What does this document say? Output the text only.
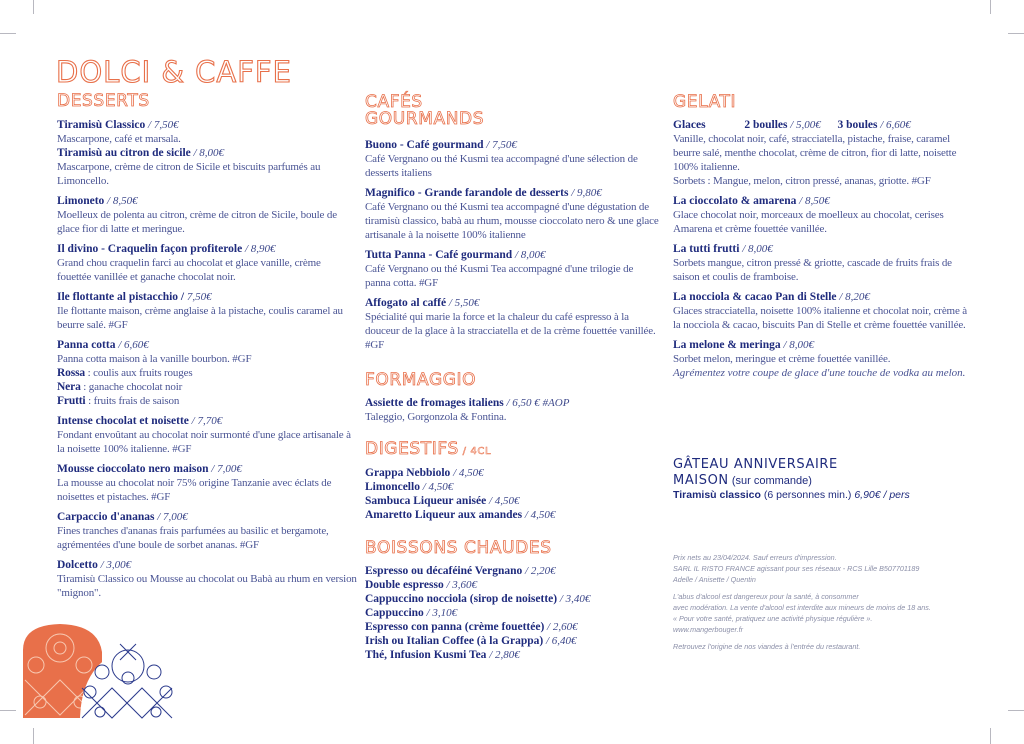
DOLCI & CAFFE
DESSERTS
Tiramisù Classico / 7,50€
Mascarpone, café et marsala.
Tiramisù au citron de sicile / 8,00€
Mascarpone, crème de citron de Sicile et biscuits parfumés au Limoncello.
Limoneto / 8,50€
Moelleux de polenta au citron, crème de citron de Sicile, boule de glace fior di latte et meringue.
Il divino - Craquelin façon profiterole / 8,90€
Grand chou craquelin farci au chocolat et glace vanille, crème fouettée vanillée et ganache chocolat noir.
Ile flottante al pistacchio / 7,50€
Ile flottante maison, crème anglaise à la pistache, coulis caramel au beurre salé. #GF
Panna cotta / 6,60€
Panna cotta maison à la vanille bourbon. #GF
Rossa : coulis aux fruits rouges
Nera : ganache chocolat noir
Frutti : fruits frais de saison
Intense chocolat et noisette / 7,70€
Fondant envoûtant au chocolat noir surmonté d'une glace artisanale à la noisette 100% italienne. #GF
Mousse cioccolato nero maison / 7,00€
La mousse au chocolat noir 75% origine Tanzanie avec éclats de noisettes et pistaches. #GF
Carpaccio d'ananas / 7,00€
Fines tranches d'ananas frais parfumées au basilic et bergamote, agrémentées d'une boule de sorbet ananas. #GF
Dolcetto / 3,00€
Tiramisù Classico ou Mousse au chocolat ou Babà au rhum en version "mignon".
CAFÉS
GOURMANDS
Buono - Café gourmand / 7,50€
Café Vergnano ou thé Kusmi tea accompagné d'une sélection de desserts italiens
Magnifico - Grande farandole de desserts / 9,80€
Café Vergnano ou thé Kusmi tea accompagné d'une dégustation de tiramisù classico, babà au rhum, mousse cioccolato nero & une glace artisanale à la noisette 100% italienne
Tutta Panna - Café gourmand / 8,00€
Café Vergnano ou thé Kusmi Tea accompagné d'une trilogie de panna cotta. #GF
Affogato al caffé / 5,50€
Spécialité qui marie la force et la chaleur du café espresso à la douceur de la glace à la stracciatella et de la crème fouettée vanillée. #GF
FORMAGGIO
Assiette de fromages italiens / 6,50 € #AOP
Taleggio, Gorgonzola & Fontina.
DIGESTIFS / 4CL
Grappa Nebbiolo / 4,50€
Limoncello / 4,50€
Sambuca Liqueur anisée / 4,50€
Amaretto Liqueur aux amandes / 4,50€
BOISSONS CHAUDES
Espresso ou décaféiné Vergnano / 2,20€
Double espresso / 3,60€
Cappuccino nocciola (sirop de noisette) / 3,40€
Cappuccino / 3,10€
Espresso con panna (crème fouettée) / 2,60€
Irish ou Italian Coffee (à la Grappa) / 6,40€
Thé, Infusion Kusmi Tea / 2,80€
GELATI
Glaces	2 boulles / 5,00€ 3 boules / 6,60€
Vanille, chocolat noir, café, stracciatella, pistache, fraise, caramel beurre salé, menthe chocolat, crème de citron, fior di latte, noisette 100% italienne.
Sorbets : Mangue, melon, citron pressé, ananas, griotte. #GF
La cioccolato & amarena / 8,50€
Glace chocolat noir, morceaux de moelleux au chocolat, cerises Amarena et crème fouettée vanillée.
La tutti frutti / 8,00€
Sorbets mangue, citron pressé & griotte, cascade de fruits frais de saison et coulis de framboise.
La nocciola & cacao Pan di Stelle / 8,20€
Glaces stracciatella, noisette 100% italienne et chocolat noir, crème à la nocciola & cacao, biscuits Pan di Stelle et crème fouettée vanillée.
La melone & meringa / 8,00€
Sorbet melon, meringue et crème fouettée vanillée.
Agrémentez votre coupe de glace d'une touche de vodka au melon.
GÂTEAU ANNIVERSAIRE
MAISON (sur commande)
Tiramisù classico (6 personnes min.) 6,90€ / pers

Prix nets au 23/04/2024. Sauf erreurs d'impression.
SARL IL RISTO FRANCE agissant pour ses réseaux - RCS Lille B507701189
Adelle / Anisette / Quentin

L'abus d'alcool est dangereux pour la santé, à consommer
avec modération. La vente d'alcool est interdite aux mineurs de moins de 18 ans.
« Pour votre santé, pratiquez une activité physique régulière ».
www.mangerbouger.fr

Retrouvez l'origine de nos viandes à l'entrée du restaurant.
